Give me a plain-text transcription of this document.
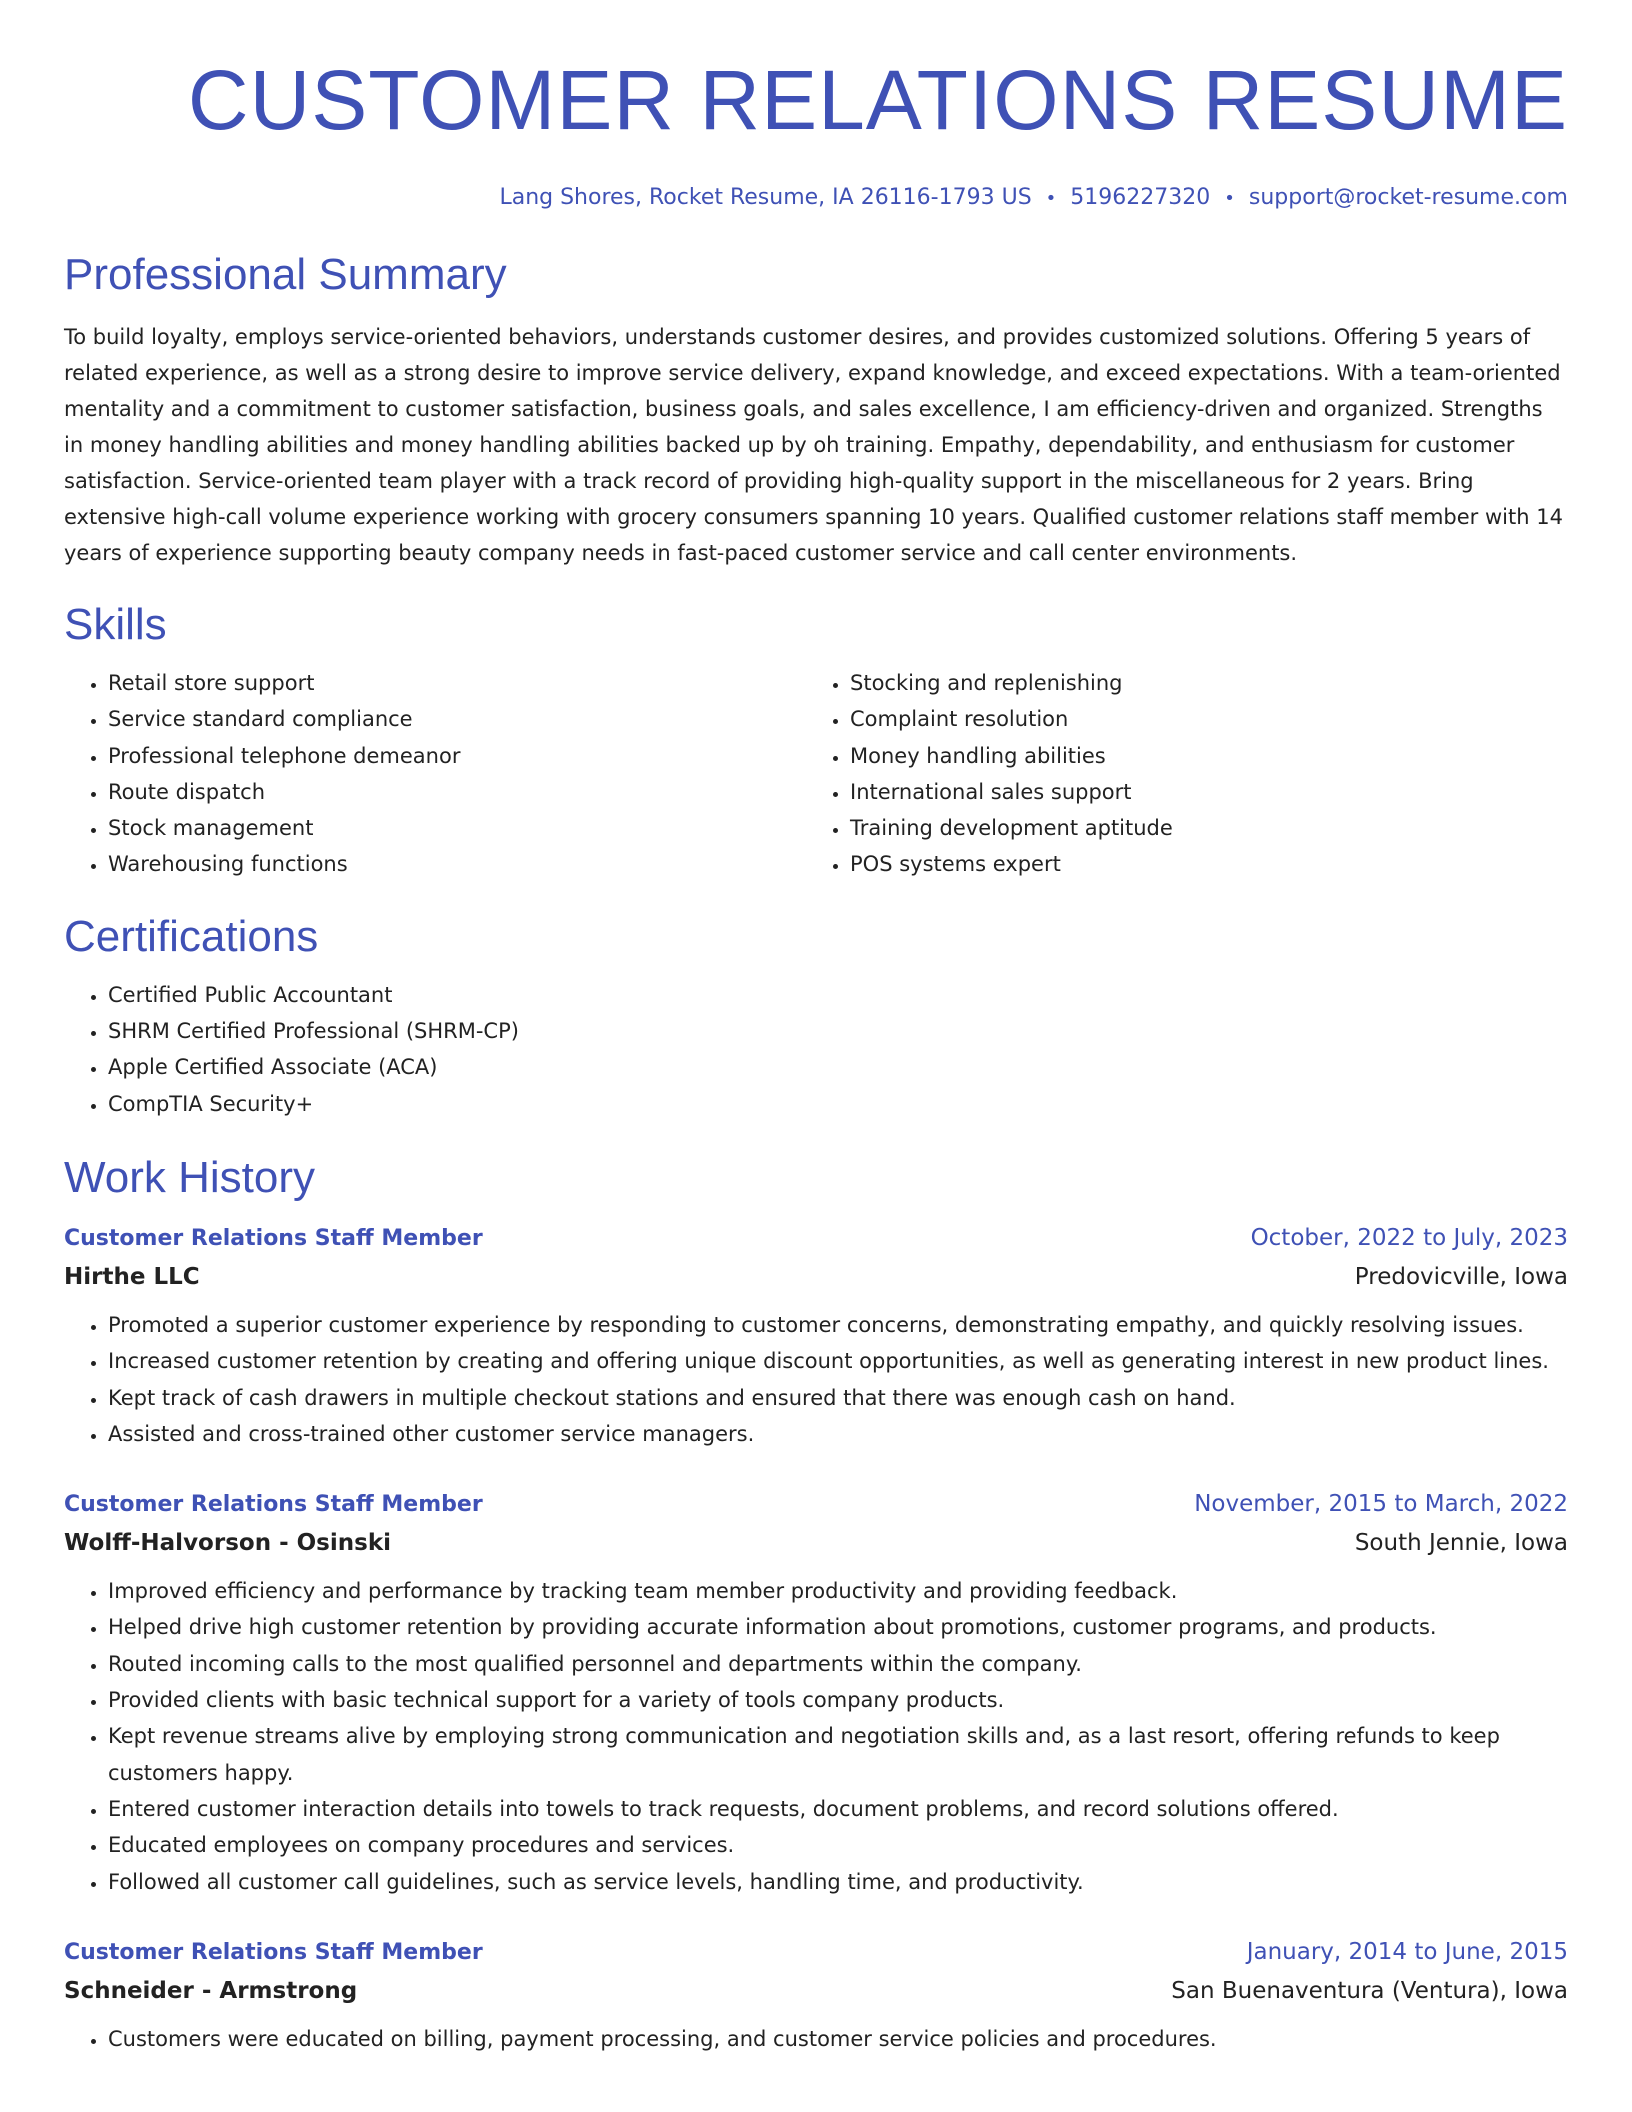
CUSTOMER RELATIONS RESUME
Lang Shores, Rocket Resume, IA 26116-1793 US • 5196227320 • support@rocket-resume.com
Professional Summary

To build loyalty, employs service-oriented behaviors, understands customer desires, and provides customized solutions. Offering 5 years of related experience, as well as a strong desire to improve service delivery, expand knowledge, and exceed expectations. With a team-oriented mentality and a commitment to customer satisfaction, business goals, and sales excellence, I am efficiency-driven and organized. Strengths in money handling abilities and money handling abilities backed up by oh training. Empathy, dependability, and enthusiasm for customer satisfaction. Service-oriented team player with a track record of providing high-quality support in the miscellaneous for 2 years. Bring extensive high-call volume experience working with grocery consumers spanning 10 years. Qualified customer relations staff member with 14 years of experience supporting beauty company needs in fast-paced customer service and call center environments.

Skills
• Retail store support
• Service standard compliance
• Professional telephone demeanor
• Route dispatch
• Stock management
• Warehousing functions
• Stocking and replenishing
• Complaint resolution
• Money handling abilities
• International sales support
• Training development aptitude
• POS systems expert
Certifications
• Certified Public Accountant
• SHRM Certified Professional (SHRM-CP)
• Apple Certified Associate (ACA)
• CompTIA Security+
Work History
Customer Relations Staff Member	October, 2022 to July, 2023
Hirthe LLC	Predovicville, Iowa
• Promoted a superior customer experience by responding to customer concerns, demonstrating empathy, and quickly resolving issues.
• Increased customer retention by creating and offering unique discount opportunities, as well as generating interest in new product lines.
• Kept track of cash drawers in multiple checkout stations and ensured that there was enough cash on hand.
• Assisted and cross-trained other customer service managers.
Customer Relations Staff Member	November, 2015 to March, 2022
Wolff-Halvorson - Osinski	South Jennie, Iowa
• Improved efficiency and performance by tracking team member productivity and providing feedback.
• Helped drive high customer retention by providing accurate information about promotions, customer programs, and products.
• Routed incoming calls to the most qualified personnel and departments within the company.
• Provided clients with basic technical support for a variety of tools company products.
• Kept revenue streams alive by employing strong communication and negotiation skills and, as a last resort, offering refunds to keep customers happy.
• Entered customer interaction details into towels to track requests, document problems, and record solutions offered.
• Educated employees on company procedures and services.
• Followed all customer call guidelines, such as service levels, handling time, and productivity.
Customer Relations Staff Member	January, 2014 to June, 2015
Schneider - Armstrong	San Buenaventura (Ventura), Iowa
• Customers were educated on billing, payment processing, and customer service policies and procedures.
